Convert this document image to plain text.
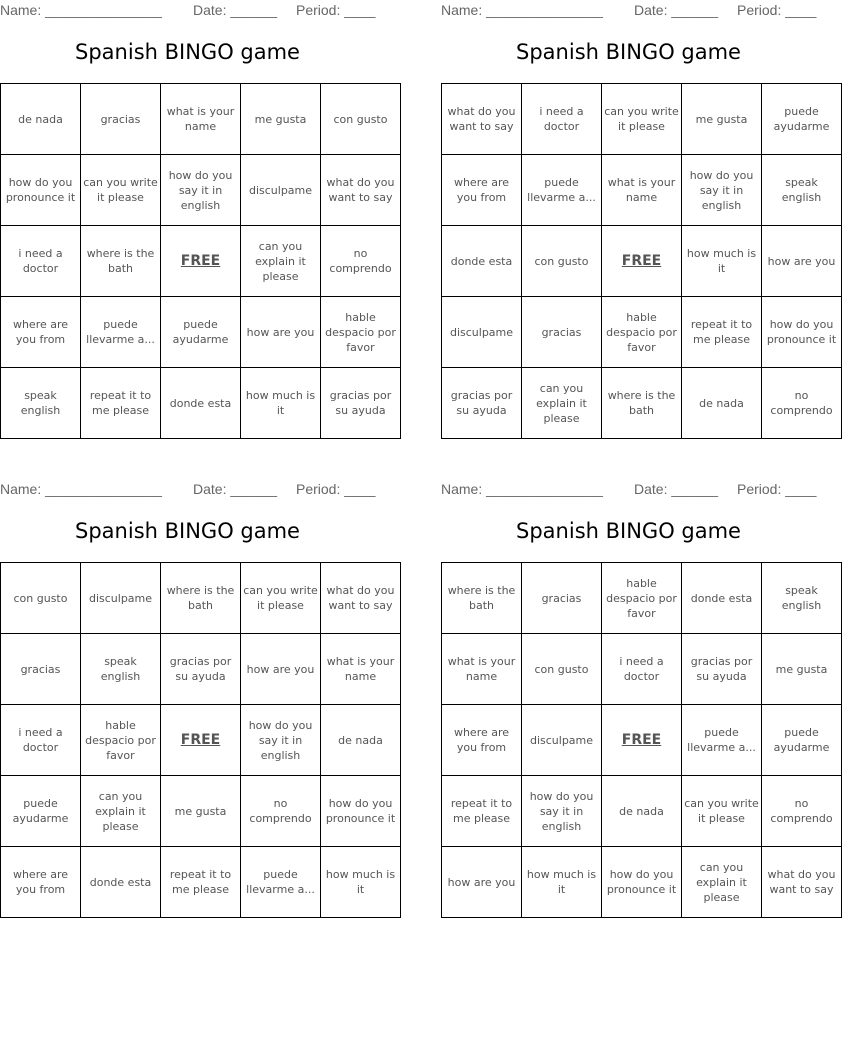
Name: _______________ Date: ______ Period: ____
Spanish BINGO game
de nada	gracias	what is your name	me gusta	con gusto
how do you pronounce it	can you write it please	how do you say it in english	disculpame	what do you want to say
i need a doctor	where is the bath	FREE	can you explain it please	no comprendo
where are you from	puede llevarme a...	puede ayudarme	how are you	hable despacio por favor
speak english	repeat it to me please	donde esta	how much is it	gracias por su ayuda
Name: _______________ Date: ______ Period: ____
Spanish BINGO game
what do you want to say	i need a doctor	can you write it please	me gusta	puede ayudarme
where are you from	puede llevarme a...	what is your name	how do you say it in english	speak english
donde esta	con gusto	FREE	how much is it	how are you
disculpame	gracias	hable despacio por favor	repeat it to me please	how do you pronounce it
gracias por su ayuda	can you explain it please	where is the bath	de nada	no comprendo
Name: _______________ Date: ______ Period: ____
Spanish BINGO game
con gusto	disculpame	where is the bath	can you write it please	what do you want to say
gracias	speak english	gracias por su ayuda	how are you	what is your name
i need a doctor	hable despacio por favor	FREE	how do you say it in english	de nada
puede ayudarme	can you explain it please	me gusta	no comprendo	how do you pronounce it
where are you from	donde esta	repeat it to me please	puede llevarme a...	how much is it
Name: _______________ Date: ______ Period: ____
Spanish BINGO game
where is the bath	gracias	hable despacio por favor	donde esta	speak english
what is your name	con gusto	i need a doctor	gracias por su ayuda	me gusta
where are you from	disculpame	FREE	puede llevarme a...	puede ayudarme
repeat it to me please	how do you say it in english	de nada	can you write it please	no comprendo
how are you	how much is it	how do you pronounce it	can you explain it please	what do you want to say
